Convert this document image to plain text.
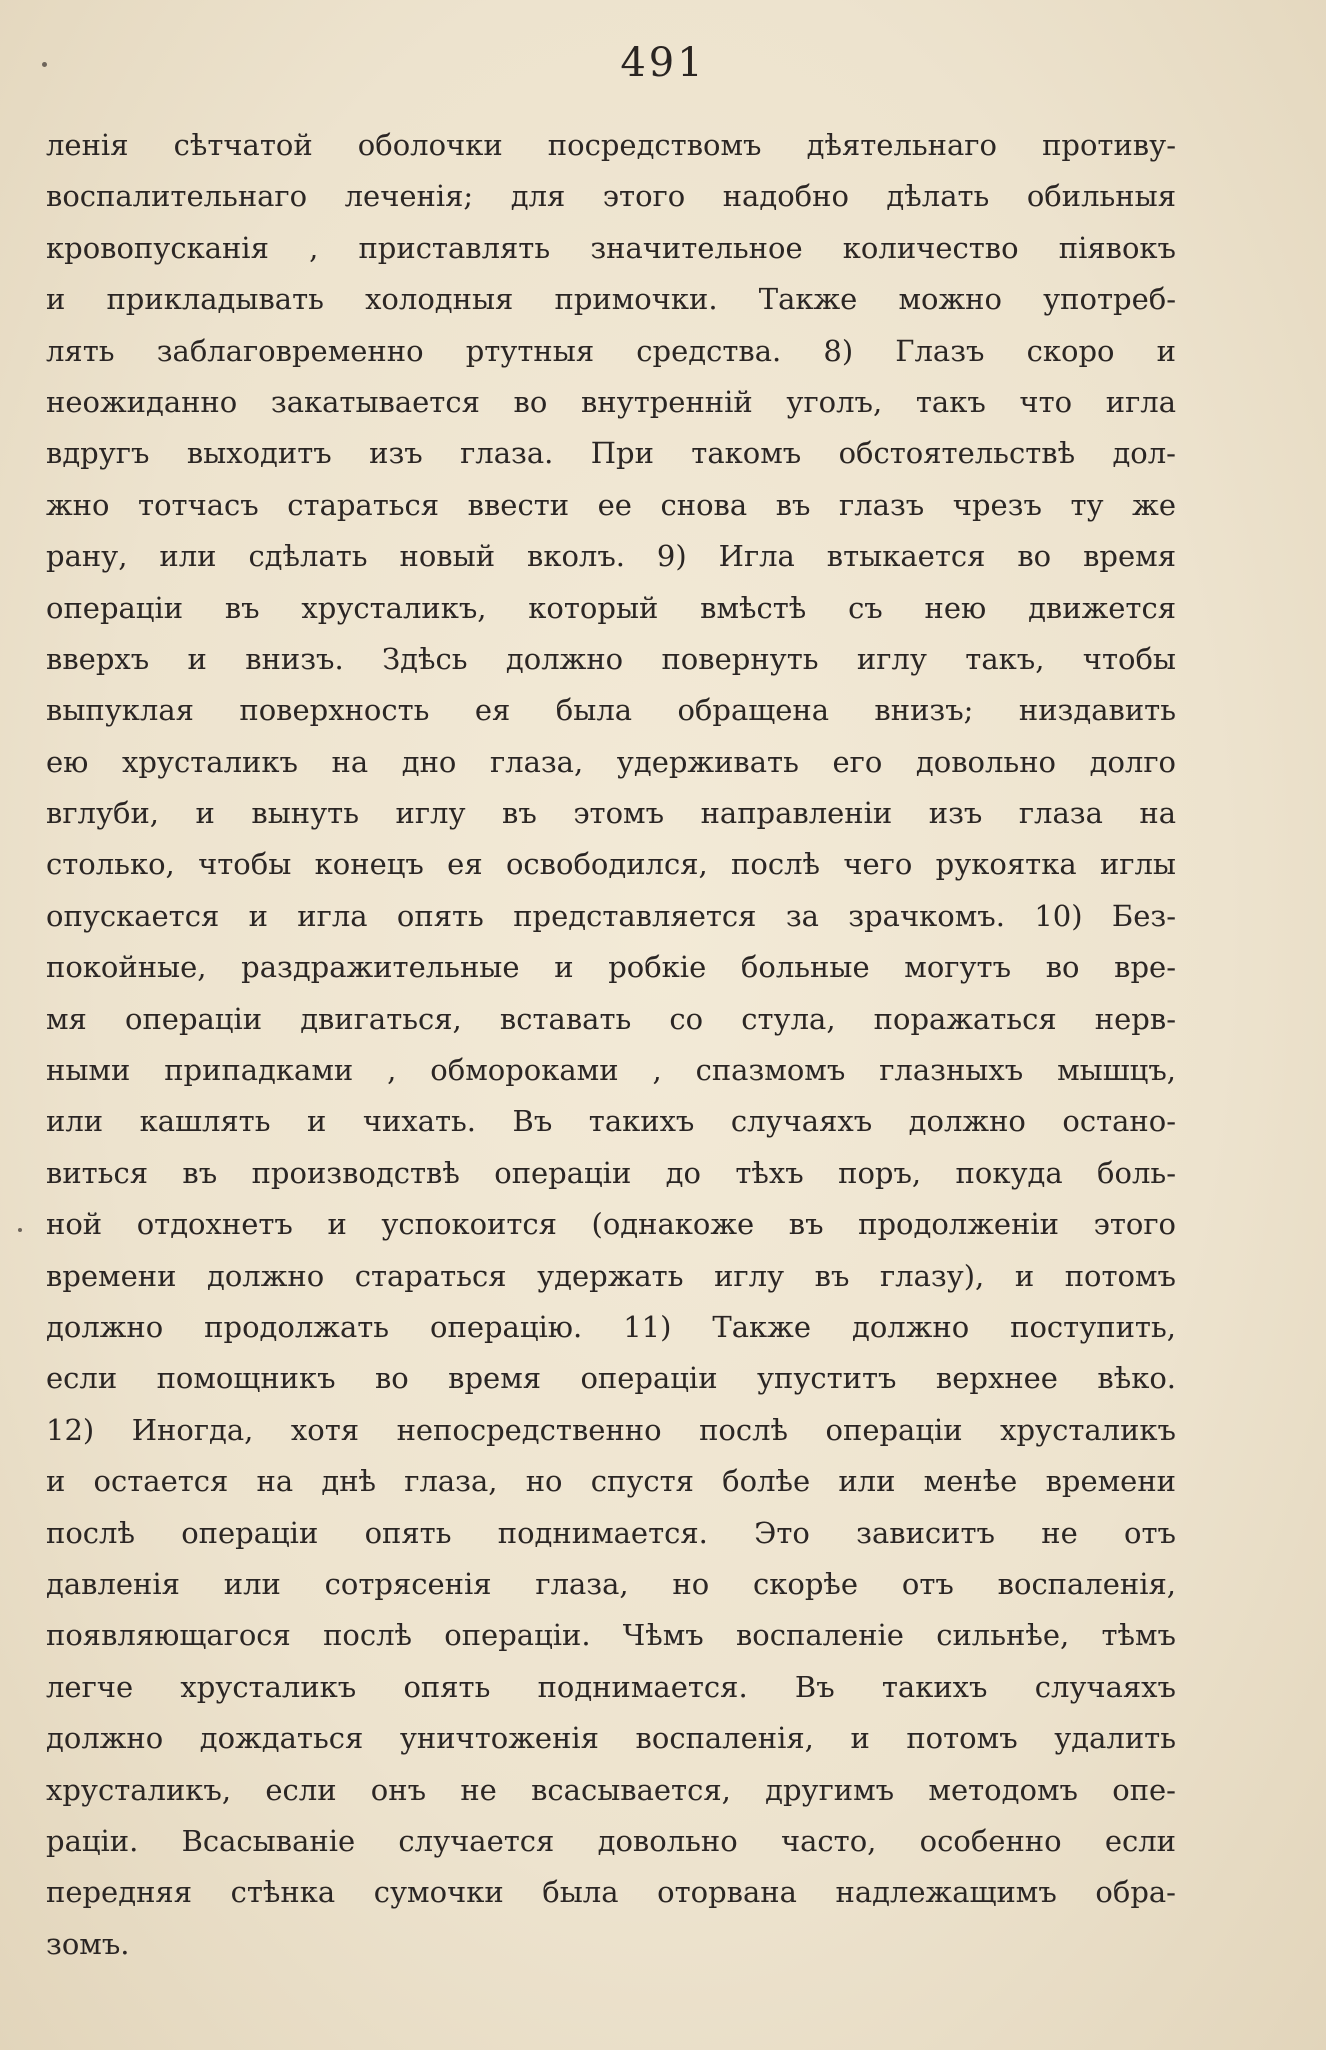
491
ленія сѣтчатой оболочки посредствомъ дѣятельнаго противу-
воспалительнаго леченія; для этого надобно дѣлать обильныя
кровопусканія , приставлять значительное количество піявокъ
и прикладывать холодныя примочки. Также можно употреб-
лять заблаговременно ртутныя средства. 8) Глазъ скоро и
неожиданно закатывается во внутренній уголъ, такъ что игла
вдругъ выходитъ изъ глаза. При такомъ обстоятельствѣ дол-
жно тотчасъ стараться ввести ее снова въ глазъ чрезъ ту же
рану, или сдѣлать новый вколъ. 9) Игла втыкается во время
операціи въ хрусталикъ, который вмѣстѣ съ нею движется
вверхъ и внизъ. Здѣсь должно повернуть иглу такъ, чтобы
выпуклая поверхность ея была обращена внизъ; низдавить
ею хрусталикъ на дно глаза, удерживать его довольно долго
вглуби, и вынуть иглу въ этомъ направленіи изъ глаза на
столько, чтобы конецъ ея освободился, послѣ чего рукоятка иглы
опускается и игла опять представляется за зрачкомъ. 10) Без-
покойные, раздражительные и робкіе больные могутъ во вре-
мя операціи двигаться, вставать со стула, поражаться нерв-
ными припадками , обмороками , спазмомъ глазныхъ мышцъ,
или кашлять и чихать. Въ такихъ случаяхъ должно остано-
виться въ производствѣ операціи до тѣхъ поръ, покуда боль-
ной отдохнетъ и успокоится (однакоже въ продолженіи этого
времени должно стараться удержать иглу въ глазу), и потомъ
должно продолжать операцію. 11) Также должно поступить,
если помощникъ во время операціи упуститъ верхнее вѣко.
12) Иногда, хотя непосредственно послѣ операціи хрусталикъ
и остается на днѣ глаза, но спустя болѣе или менѣе времени
послѣ операціи опять поднимается. Это зависитъ не отъ
давленія или сотрясенія глаза, но скорѣе отъ воспаленія,
появляющагося послѣ операціи. Чѣмъ воспаленіе сильнѣе, тѣмъ
легче хрусталикъ опять поднимается. Въ такихъ случаяхъ
должно дождаться уничтоженія воспаленія, и потомъ удалить
хрусталикъ, если онъ не всасывается, другимъ методомъ опе-
раціи. Всасываніе случается довольно часто, особенно если
передняя стѣнка сумочки была оторвана надлежащимъ обра-
зомъ.
